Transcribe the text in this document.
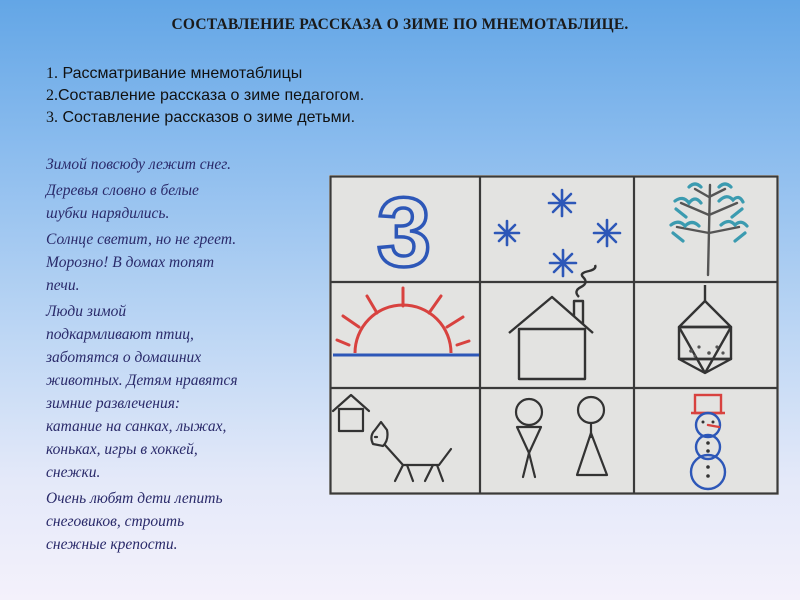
СОСТАВЛЕНИЕ РАССКАЗА О ЗИМЕ ПО МНЕМОТАБЛИЦЕ.
1. Рассматривание мнемотаблицы
2.Составление рассказа о зиме педагогом.
3. Составление рассказов о зиме детьми.

Зимой повсюду лежит снег.

Деревья словно в белые
шубки нарядились.

Солнце светит, но не греет.
Морозно! В домах топят
печи.

Люди зимой
подкармливают птиц,
заботятся о домашних
животных. Детям нравятся
зимние развлечения:
катание на санках, лыжах,
коньках, игры в хоккей,
снежки.

Очень любят дети лепить
снеговиков, строить
снежные крепости.

3
